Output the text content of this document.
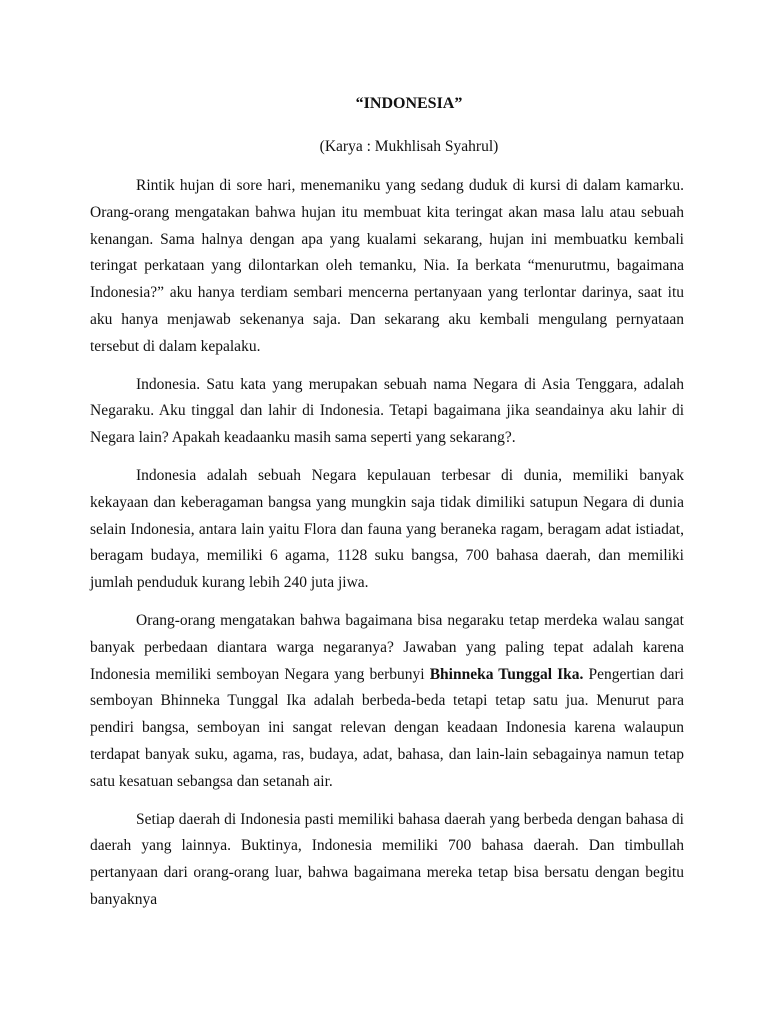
“INDONESIA”
(Karya : Mukhlisah Syahrul)

Rintik hujan di sore hari, menemaniku yang sedang duduk di kursi di dalam kamarku. Orang-orang mengatakan bahwa hujan itu membuat kita teringat akan masa lalu atau sebuah kenangan. Sama halnya dengan apa yang kualami sekarang, hujan ini membuatku kembali teringat perkataan yang dilontarkan oleh temanku, Nia. Ia berkata “menurutmu, bagaimana Indonesia?” aku hanya terdiam sembari mencerna pertanyaan yang terlontar darinya, saat itu aku hanya menjawab sekenanya saja. Dan sekarang aku kembali mengulang pernyataan tersebut di dalam kepalaku.

Indonesia. Satu kata yang merupakan sebuah nama Negara di Asia Tenggara, adalah Negaraku. Aku tinggal dan lahir di Indonesia. Tetapi bagaimana jika seandainya aku lahir di Negara lain? Apakah keadaanku masih sama seperti yang sekarang?.

Indonesia adalah sebuah Negara kepulauan terbesar di dunia, memiliki banyak kekayaan dan keberagaman bangsa yang mungkin saja tidak dimiliki satupun Negara di dunia selain Indonesia, antara lain yaitu Flora dan fauna yang beraneka ragam, beragam adat istiadat, beragam budaya, memiliki 6 agama, 1128 suku bangsa, 700 bahasa daerah, dan memiliki jumlah penduduk kurang lebih 240 juta jiwa.

Orang-orang mengatakan bahwa bagaimana bisa negaraku tetap merdeka walau sangat banyak perbedaan diantara warga negaranya? Jawaban yang paling tepat adalah karena Indonesia memiliki semboyan Negara yang berbunyi Bhinneka Tunggal Ika. Pengertian dari semboyan Bhinneka Tunggal Ika adalah berbeda-beda tetapi tetap satu jua. Menurut para pendiri bangsa, semboyan ini sangat relevan dengan keadaan Indonesia karena walaupun terdapat banyak suku, agama, ras, budaya, adat, bahasa, dan lain-lain sebagainya namun tetap satu kesatuan sebangsa dan setanah air.

Setiap daerah di Indonesia pasti memiliki bahasa daerah yang berbeda dengan bahasa di daerah yang lainnya. Buktinya, Indonesia memiliki 700 bahasa daerah. Dan timbullah pertanyaan dari orang-orang luar, bahwa bagaimana mereka tetap bisa bersatu dengan begitu banyaknya
